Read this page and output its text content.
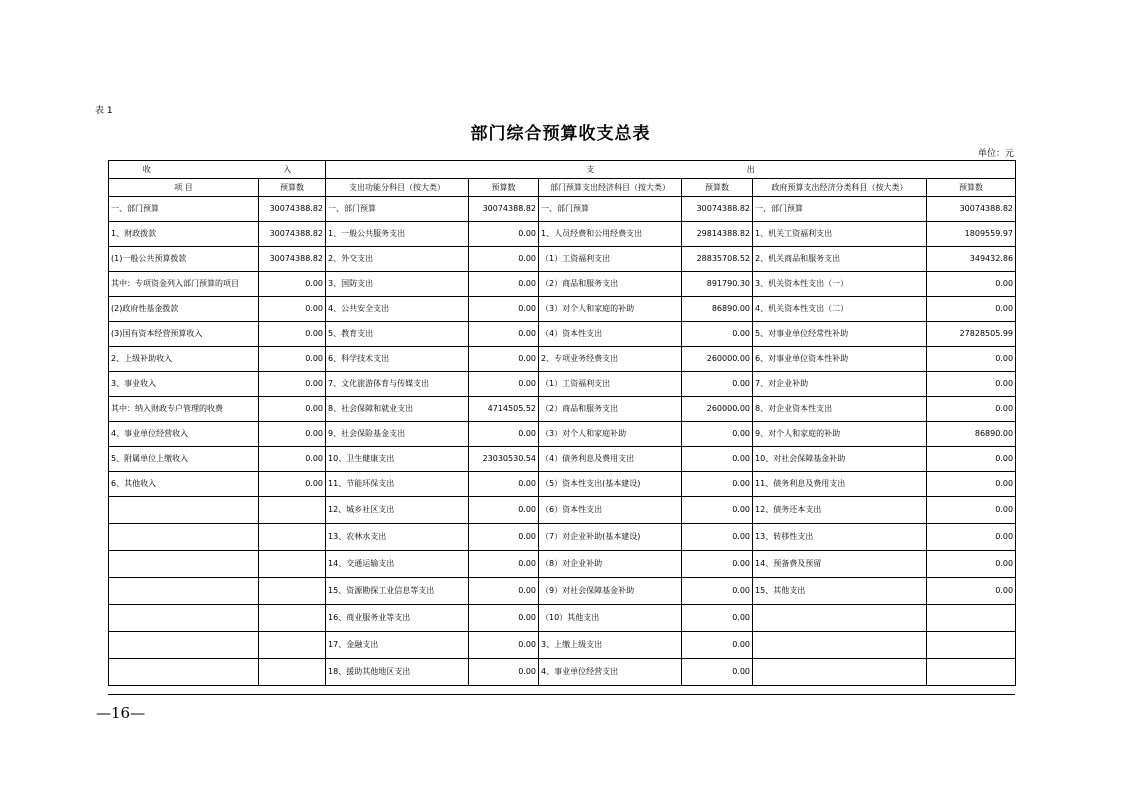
表 1
部门综合预算收支总表
单位：元
收 入		支 出					
项 目	预算数	支出功能分科目（按大类）	预算数	部门预算支出经济科目（按大类）	预算数	政府预算支出经济分类科目（按大类）	预算数
一、部门预算	30074388.82	一、部门预算	30074388.82	一、部门预算	30074388.82	一、部门预算	30074388.82
1、财政拨款	30074388.82	1、一般公共服务支出	0.00	1、人员经费和公用经费支出	29814388.82	1、机关工资福利支出	1809559.97
(1)一般公共预算拨款	30074388.82	2、外交支出	0.00	（1）工资福利支出	28835708.52	2、机关商品和服务支出	349432.86
其中：专项资金列入部门预算的项目	0.00	3、国防支出	0.00	（2）商品和服务支出	891790.30	3、机关资本性支出（一）	0.00
(2)政府性基金拨款	0.00	4、公共安全支出	0.00	（3）对个人和家庭的补助	86890.00	4、机关资本性支出（二）	0.00
(3)国有资本经营预算收入	0.00	5、教育支出	0.00	（4）资本性支出	0.00	5、对事业单位经常性补助	27828505.99
2、上级补助收入	0.00	6、科学技术支出	0.00	2、专项业务经费支出	260000.00	6、对事业单位资本性补助	0.00
3、事业收入	0.00	7、文化旅游体育与传媒支出	0.00	（1）工资福利支出	0.00	7、对企业补助	0.00
其中：纳入财政专户管理的收费	0.00	8、社会保障和就业支出	4714505.52	（2）商品和服务支出	260000.00	8、对企业资本性支出	0.00
4、事业单位经营收入	0.00	9、社会保险基金支出	0.00	（3）对个人和家庭补助	0.00	9、对个人和家庭的补助	86890.00
5、附属单位上缴收入	0.00	10、卫生健康支出	23030530.54	（4）债务利息及费用支出	0.00	10、对社会保障基金补助	0.00
6、其他收入	0.00	11、节能环保支出	0.00	（5）资本性支出(基本建设)	0.00	11、债务利息及费用支出	0.00
		12、城乡社区支出	0.00	（6）资本性支出	0.00	12、债务还本支出	0.00
		13、农林水支出	0.00	（7）对企业补助(基本建设)	0.00	13、转移性支出	0.00
		14、交通运输支出	0.00	（8）对企业补助	0.00	14、预备费及预留	0.00
		15、资源勘探工业信息等支出	0.00	（9）对社会保障基金补助	0.00	15、其他支出	0.00
		16、商业服务业等支出	0.00	（10）其他支出	0.00		
		17、金融支出	0.00	3、上缴上级支出	0.00		
		18、援助其他地区支出	0.00	4、事业单位经营支出	0.00		
—16—
